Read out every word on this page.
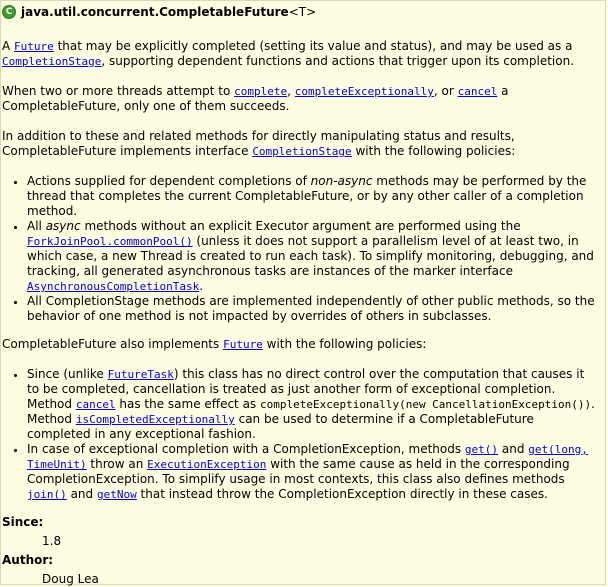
C java.util.concurrent.CompletableFuture<T>

A Future that may be explicitly completed (setting its value and status), and may be used as a CompletionStage, supporting dependent functions and actions that trigger upon its completion.

When two or more threads attempt to complete, completeExceptionally, or cancel a CompletableFuture, only one of them succeeds.

In addition to these and related methods for directly manipulating status and results, CompletableFuture implements interface CompletionStage with the following policies:

• Actions supplied for dependent completions of non-async methods may be performed by the thread that completes the current CompletableFuture, or by any other caller of a completion method.
• All async methods without an explicit Executor argument are performed using the ForkJoinPool.commonPool() (unless it does not support a parallelism level of at least two, in which case, a new Thread is created to run each task). To simplify monitoring, debugging, and tracking, all generated asynchronous tasks are instances of the marker interface AsynchronousCompletionTask.
• All CompletionStage methods are implemented independently of other public methods, so the behavior of one method is not impacted by overrides of others in subclasses.

CompletableFuture also implements Future with the following policies:

• Since (unlike FutureTask) this class has no direct control over the computation that causes it to be completed, cancellation is treated as just another form of exceptional completion. Method cancel has the same effect as completeExceptionally(new CancellationException()). Method isCompletedExceptionally can be used to determine if a CompletableFuture completed in any exceptional fashion.
• In case of exceptional completion with a CompletionException, methods get() and get(long, TimeUnit) throw an ExecutionException with the same cause as held in the corresponding CompletionException. To simplify usage in most contexts, this class also defines methods join() and getNow that instead throw the CompletionException directly in these cases.
Since:
1.8
Author:
Doug Lea
